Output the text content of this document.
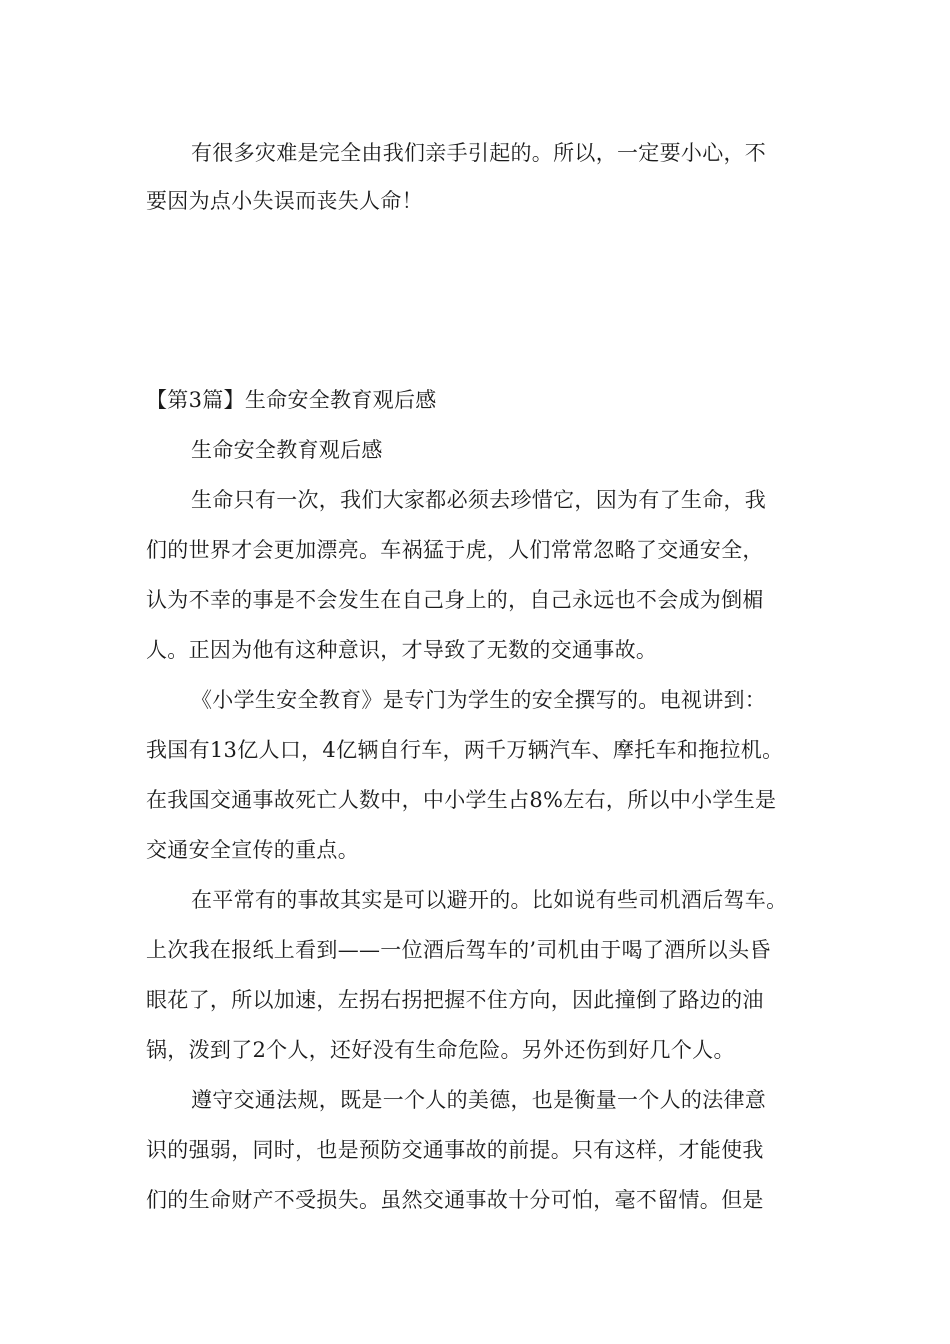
有很多灾难是完全由我们亲手引起的。所以，一定要小心，不
要因为点小失误而丧失人命！
【第3篇】生命安全教育观后感
生命安全教育观后感
生命只有一次，我们大家都必须去珍惜它，因为有了生命，我
们的世界才会更加漂亮。车祸猛于虎，人们常常忽略了交通安全，
认为不幸的事是不会发生在自己身上的，自己永远也不会成为倒楣
人。正因为他有这种意识，才导致了无数的交通事故。
《小学生安全教育》是专门为学生的安全撰写的。电视讲到：
我国有13亿人口，4亿辆自行车，两千万辆汽车、摩托车和拖拉机。
在我国交通事故死亡人数中，中小学生占8%左右，所以中小学生是
交通安全宣传的重点。
在平常有的事故其实是可以避开的。比如说有些司机酒后驾车。
上次我在报纸上看到——一位酒后驾车的’司机由于喝了酒所以头昏
眼花了，所以加速，左拐右拐把握不住方向，因此撞倒了路边的油
锅，泼到了2个人，还好没有生命危险。另外还伤到好几个人。
遵守交通法规，既是一个人的美德，也是衡量一个人的法律意
识的强弱，同时，也是预防交通事故的前提。只有这样，才能使我
们的生命财产不受损失。虽然交通事故十分可怕，毫不留情。但是
